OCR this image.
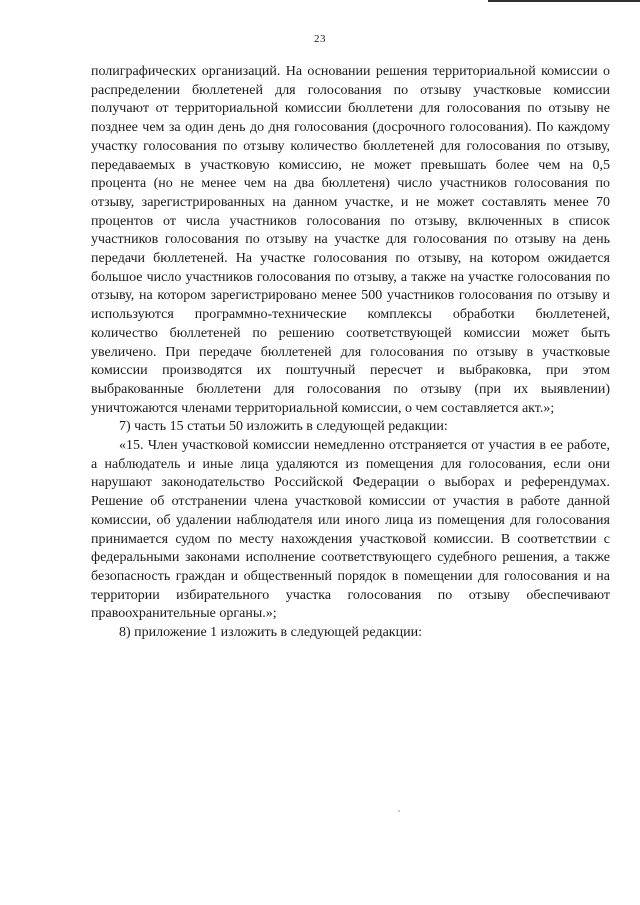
23

полиграфических организаций. На основании решения территориальной комиссии о распределении бюллетеней для голосования по отзыву участковые комиссии получают от территориальной комиссии бюллетени для голосования по отзыву не позднее чем за один день до дня голосования (досрочного голосования). По каждому участку голосования по отзыву количество бюллетеней для голосования по отзыву, передаваемых в участковую комиссию, не может превышать более чем на 0,5 процента (но не менее чем на два бюллетеня) число участников голосования по отзыву, зарегистрированных на данном участке, и не может составлять менее 70 процентов от числа участников голосования по отзыву, включенных в список участников голосования по отзыву на участке для голосования по отзыву на день передачи бюллетеней. На участке голосования по отзыву, на котором ожидается большое число участников голосования по отзыву, а также на участке голосования по отзыву, на котором зарегистрировано менее 500 участников голосования по отзыву и используются программно-технические комплексы обработки бюллетеней, количество бюллетеней по решению соответствующей комиссии может быть увеличено. При передаче бюллетеней для голосования по отзыву в участковые комиссии производятся их поштучный пересчет и выбраковка, при этом выбракованные бюллетени для голосования по отзыву (при их выявлении) уничтожаются членами территориальной комиссии, о чем составляется акт.»;

7) часть 15 статьи 50 изложить в следующей редакции:

«15. Член участковой комиссии немедленно отстраняется от участия в ее работе, а наблюдатель и иные лица удаляются из помещения для голосования, если они нарушают законодательство Российской Федерации о выборах и референдумах. Решение об отстранении члена участковой комиссии от участия в работе данной комиссии, об удалении наблюдателя или иного лица из помещения для голосования принимается судом по месту нахождения участковой комиссии. В соответствии с федеральными законами исполнение соответствующего судебного решения, а также безопасность граждан и общественный порядок в помещении для голосования и на территории избирательного участка голосования по отзыву обеспечивают правоохранительные органы.»;

8) приложение 1 изложить в следующей редакции:
